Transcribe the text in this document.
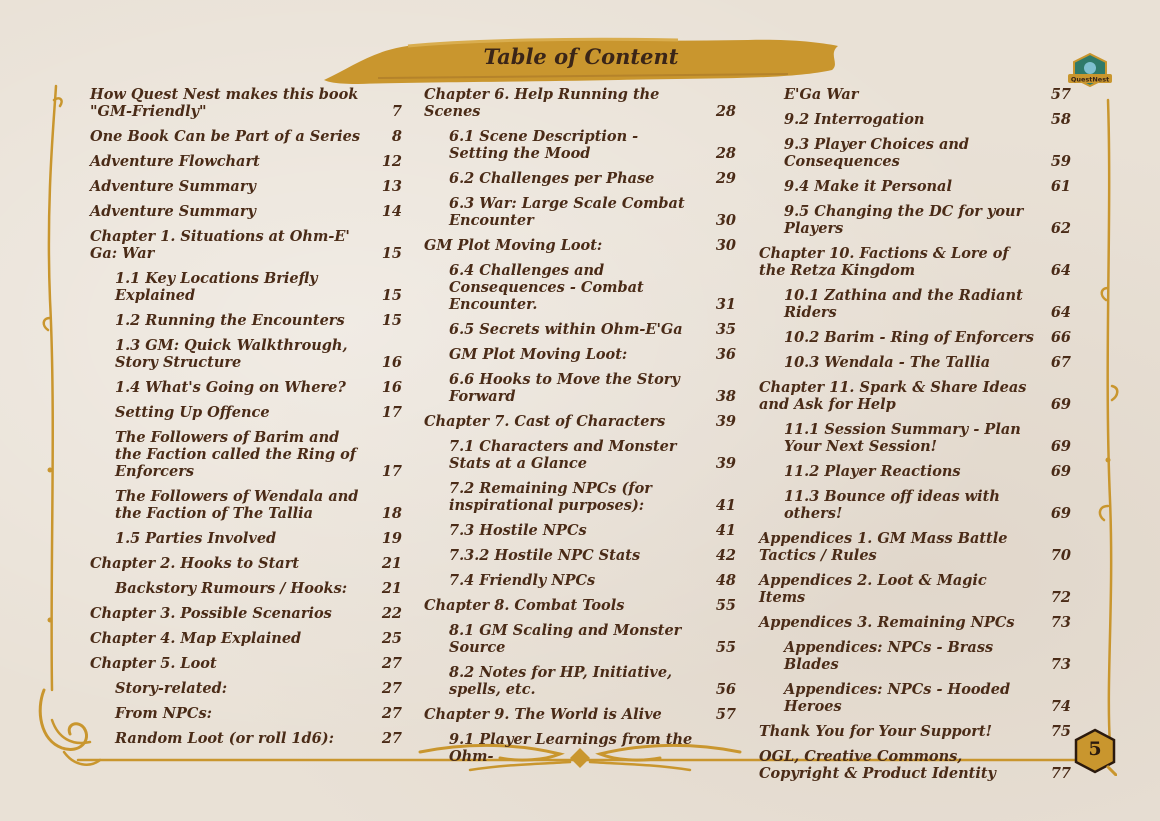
Table of Content
QuestNest
How Quest Nest makes this book "GM-Friendly"	7
One Book Can be Part of a Series	8
Adventure Flowchart	12
Adventure Summary	13
Adventure Summary	14
Chapter 1. Situations at Ohm-E' Ga: War	15
1.1 Key Locations Briefly Explained	15
1.2 Running the Encounters	15
1.3 GM: Quick Walkthrough, Story Structure	16
1.4 What's Going on Where?	16
Setting Up Offence	17
The Followers of Barim and the Faction called the Ring of Enforcers	17
The Followers of Wendala and the Faction of The Tallia	18
1.5 Parties Involved	19
Chapter 2. Hooks to Start	21
Backstory Rumours / Hooks:	21
Chapter 3. Possible Scenarios	22
Chapter 4. Map Explained	25
Chapter 5. Loot	27
Story-related:	27
From NPCs:	27
Random Loot (or roll 1d6):	27
Chapter 6. Help Running the Scenes	28
6.1 Scene Description - Setting the Mood	28
6.2 Challenges per Phase	29
6.3 War: Large Scale Combat Encounter	30
GM Plot Moving Loot:	30
6.4 Challenges and Consequences - Combat Encounter.	31
6.5 Secrets within Ohm-E'Ga	35
GM Plot Moving Loot:	36
6.6 Hooks to Move the Story Forward	38
Chapter 7. Cast of Characters	39
7.1 Characters and Monster Stats at a Glance	39
7.2 Remaining NPCs (for inspirational purposes):	41
7.3 Hostile NPCs	41
7.3.2 Hostile NPC Stats	42
7.4 Friendly NPCs	48
Chapter 8. Combat Tools	55
8.1 GM Scaling and Monster Source	55
8.2 Notes for HP, Initiative, spells, etc.	56
Chapter 9. The World is Alive	57
9.1 Player Learnings from the Ohm-
E'Ga War	57
9.2 Interrogation	58
9.3 Player Choices and Consequences	59
9.4 Make it Personal	61
9.5 Changing the DC for your Players	62
Chapter 10. Factions & Lore of the Retza Kingdom	64
10.1 Zathina and the Radiant Riders	64
10.2 Barim - Ring of Enforcers	66
10.3 Wendala - The Tallia	67
Chapter 11. Spark & Share Ideas and Ask for Help	69
11.1 Session Summary - Plan Your Next Session!	69
11.2 Player Reactions	69
11.3 Bounce off ideas with others!	69
Appendices 1. GM Mass Battle Tactics / Rules	70
Appendices 2. Loot & Magic Items	72
Appendices 3. Remaining NPCs	73
Appendices: NPCs - Brass Blades	73
Appendices: NPCs - Hooded Heroes	74
Thank You for Your Support!	75
OGL, Creative Commons, Copyright & Product Identity	77
5
